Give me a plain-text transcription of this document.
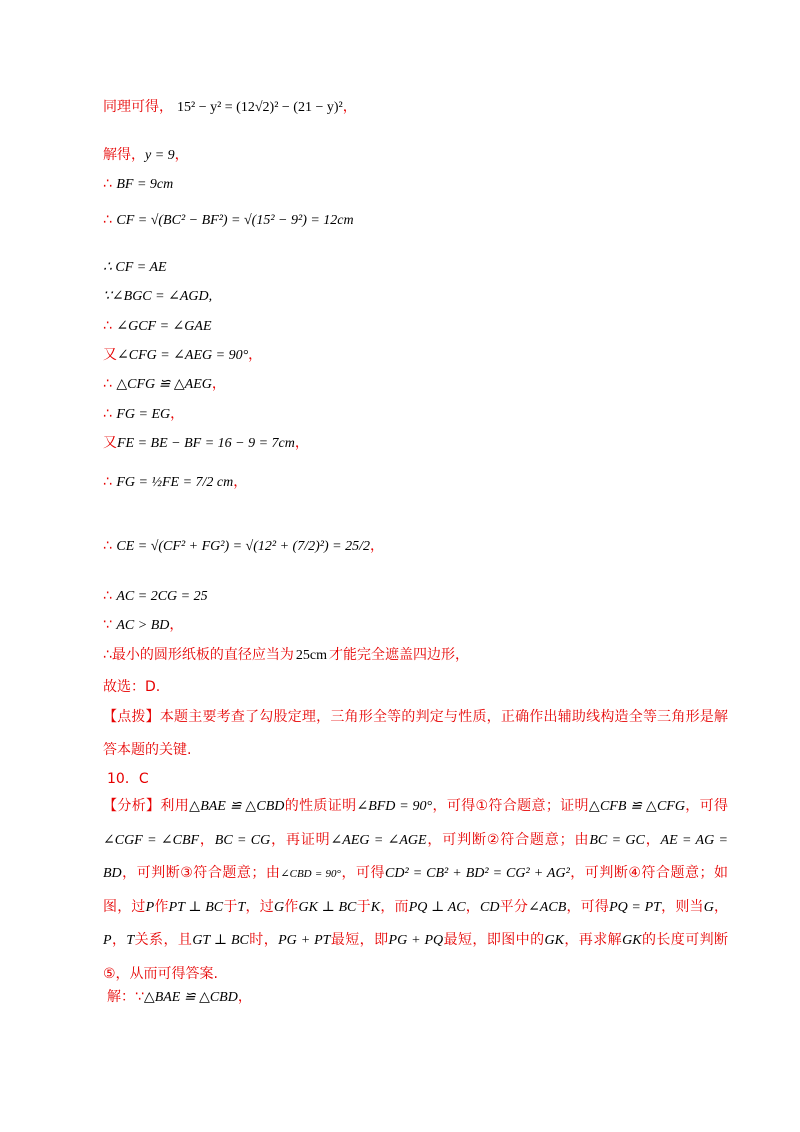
同理可得， 15² − y² = (12√2)² − (21 − y)²，
解得，y = 9，
∴ BF = 9cm
∴ CF = √(BC² − BF²) = √(15² − 9²) = 12cm
∴ CF = AE
∵∠BGC = ∠AGD,
∴ ∠GCF = ∠GAE
又∠CFG = ∠AEG = 90°，
∴ △CFG ≌ △AEG，
∴ FG = EG，
又FE = BE − BF = 16 − 9 = 7cm，
∴ FG = ½FE = 7/2 cm，
∴ CE = √(CF² + FG²) = √(12² + (7/2)²) = 25/2，
∴ AC = 2CG = 25
∵ AC > BD，
∴最小的圆形纸板的直径应当为 25cm 才能完全遮盖四边形，
故选：D.
【点拨】本题主要考查了勾股定理，三角形全等的判定与性质，正确作出辅助线构造全等三角形是解答本题的关键.
10．C
【分析】利用△BAE ≌ △CBD的性质证明∠BFD = 90°，可得①符合题意；证明△CFB ≌ △CFG，可得∠CGF = ∠CBF，BC = CG，再证明∠AEG = ∠AGE，可判断②符合题意；由BC = GC，AE = AG = BD，可判断③符合题意；由∠CBD = 90°，可得CD² = CB² + BD² = CG² + AG²，可判断④符合题意；如图，过P作PT ⊥ BC于T，过G作GK ⊥ BC于K，而PQ ⊥ AC，CD平分∠ACB，可得PQ = PT，则当G，P，T关系，且GT ⊥ BC时，PG + PT最短，即PG + PQ最短，即图中的GK，再求解GK的长度可判断⑤，从而可得答案.
解：∵△BAE ≌ △CBD，
